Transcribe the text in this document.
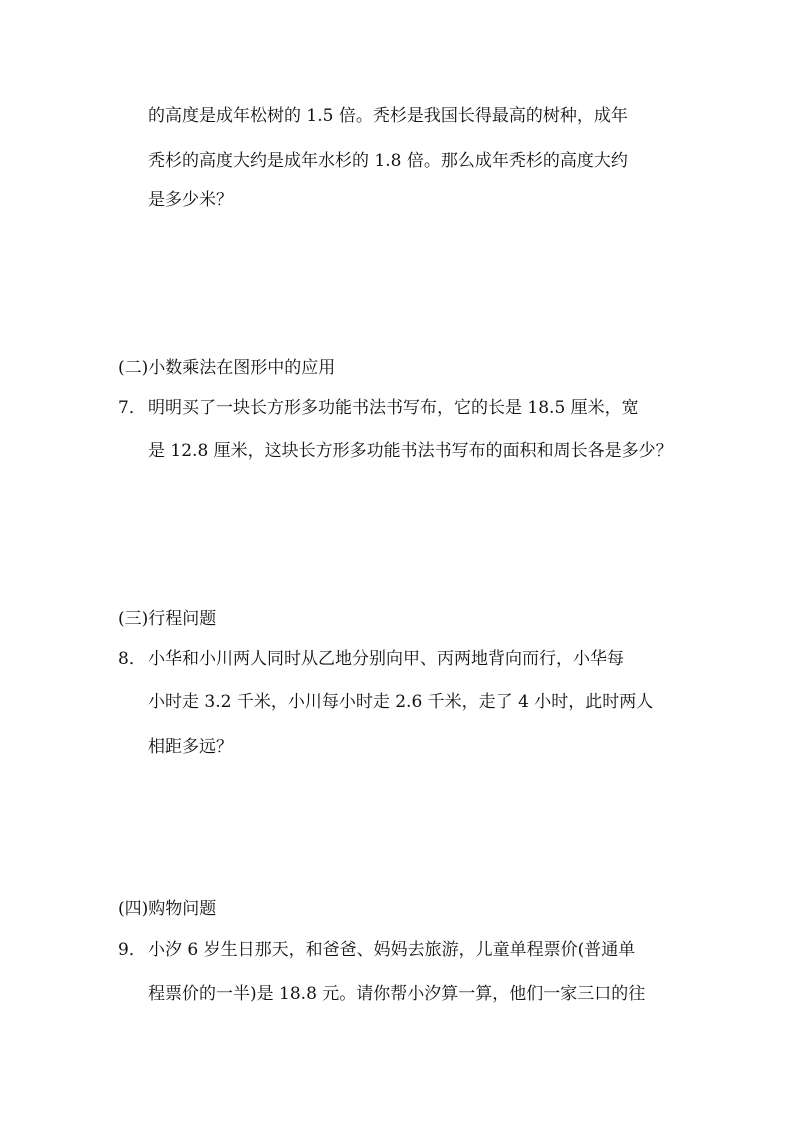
的高度是成年松树的 1.5 倍。秃杉是我国长得最高的树种，成年
秃杉的高度大约是成年水杉的 1.8 倍。那么成年秃杉的高度大约
是多少米？
(二)小数乘法在图形中的应用
7． 明明买了一块长方形多功能书法书写布，它的长是 18.5 厘米，宽
是 12.8 厘米，这块长方形多功能书法书写布的面积和周长各是多少？
(三)行程问题
8． 小华和小川两人同时从乙地分别向甲、丙两地背向而行，小华每
小时走 3.2 千米，小川每小时走 2.6 千米，走了 4 小时，此时两人
相距多远？
(四)购物问题
9． 小汐 6 岁生日那天，和爸爸、妈妈去旅游，儿童单程票价(普通单
程票价的一半)是 18.8 元。请你帮小汐算一算，他们一家三口的往
